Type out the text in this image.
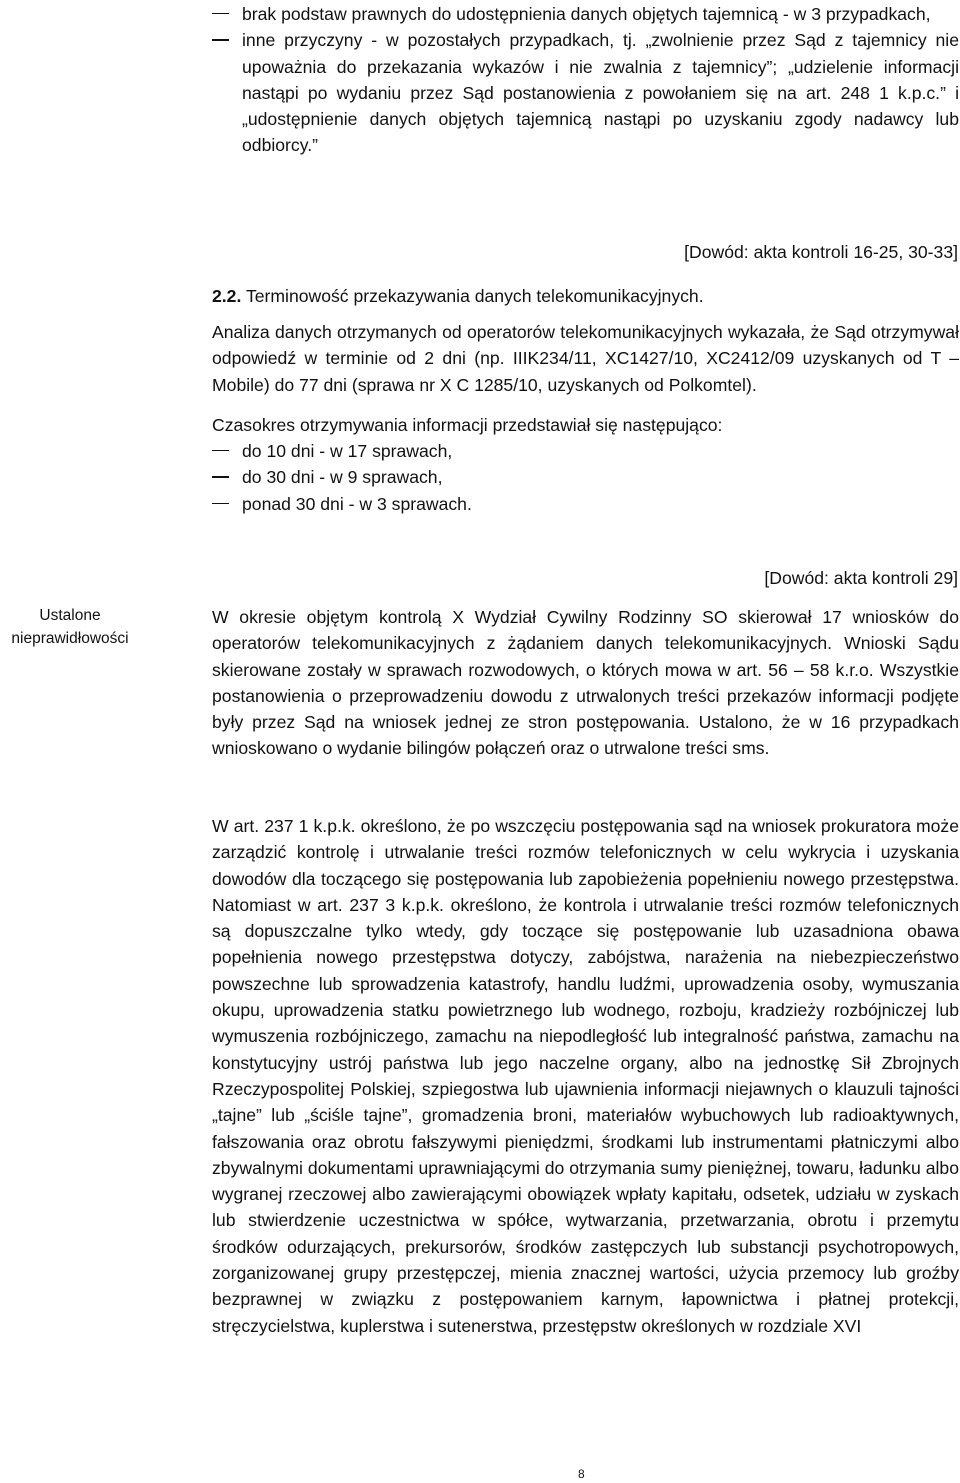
brak podstaw prawnych do udostępnienia danych objętych tajemnicą - w 3 przypadkach,

inne przyczyny - w pozostałych przypadkach, tj. „zwolnienie przez Sąd z tajemnicy nie upoważnia do przekazania wykazów i nie zwalnia z tajemnicy”; „udzielenie informacji nastąpi po wydaniu przez Sąd postanowienia z powołaniem się na art. 248 1 k.p.c.” i „udostępnienie danych objętych tajemnicą nastąpi po uzyskaniu zgody nadawcy lub odbiorcy.”

[Dowód: akta kontroli 16-25, 30-33]

2.2. Terminowość przekazywania danych telekomunikacyjnych.

Analiza danych otrzymanych od operatorów telekomunikacyjnych wykazała, że Sąd otrzymywał odpowiedź w terminie od 2 dni (np. IIIK234/11, XC1427/10, XC2412/09 uzyskanych od T – Mobile) do 77 dni (sprawa nr X C 1285/10, uzyskanych od Polkomtel).

Czasokres otrzymywania informacji przedstawiał się następująco:

do 10 dni - w 17 sprawach,

do 30 dni - w 9 sprawach,

ponad 30 dni - w 3 sprawach.

[Dowód: akta kontroli 29]
Ustalone nieprawidłowości

W okresie objętym kontrolą X Wydział Cywilny Rodzinny SO skierował 17 wniosków do operatorów telekomunikacyjnych z żądaniem danych telekomunikacyjnych. Wnioski Sądu skierowane zostały w sprawach rozwodowych, o których mowa w art. 56 – 58 k.r.o. Wszystkie postanowienia o przeprowadzeniu dowodu z utrwalonych treści przekazów informacji podjęte były przez Sąd na wniosek jednej ze stron postępowania. Ustalono, że w 16 przypadkach wnioskowano o wydanie bilingów połączeń oraz o utrwalone treści sms.

W art. 237 1 k.p.k. określono, że po wszczęciu postępowania sąd na wniosek prokuratora może zarządzić kontrolę i utrwalanie treści rozmów telefonicznych w celu wykrycia i uzyskania dowodów dla toczącego się postępowania lub zapobieżenia popełnieniu nowego przestępstwa. Natomiast w art. 237 3 k.p.k. określono, że kontrola i utrwalanie treści rozmów telefonicznych są dopuszczalne tylko wtedy, gdy toczące się postępowanie lub uzasadniona obawa popełnienia nowego przestępstwa dotyczy, zabójstwa, narażenia na niebezpieczeństwo powszechne lub sprowadzenia katastrofy, handlu ludźmi, uprowadzenia osoby, wymuszania okupu, uprowadzenia statku powietrznego lub wodnego, rozboju, kradzieży rozbójniczej lub wymuszenia rozbójniczego, zamachu na niepodległość lub integralność państwa, zamachu na konstytucyjny ustrój państwa lub jego naczelne organy, albo na jednostkę Sił Zbrojnych Rzeczypospolitej Polskiej, szpiegostwa lub ujawnienia informacji niejawnych o klauzuli tajności „tajne” lub „ściśle tajne”, gromadzenia broni, materiałów wybuchowych lub radioaktywnych, fałszowania oraz obrotu fałszywymi pieniędzmi, środkami lub instrumentami płatniczymi albo zbywalnymi dokumentami uprawniającymi do otrzymania sumy pieniężnej, towaru, ładunku albo wygranej rzeczowej albo zawierającymi obowiązek wpłaty kapitału, odsetek, udziału w zyskach lub stwierdzenie uczestnictwa w spółce, wytwarzania, przetwarzania, obrotu i przemytu środków odurzających, prekursorów, środków zastępczych lub substancji psychotropowych, zorganizowanej grupy przestępczej, mienia znacznej wartości, użycia przemocy lub groźby bezprawnej w związku z postępowaniem karnym, łapownictwa i płatnej protekcji, stręczycielstwa, kuplerstwa i sutenerstwa, przestępstw określonych w rozdziale XVI

8
